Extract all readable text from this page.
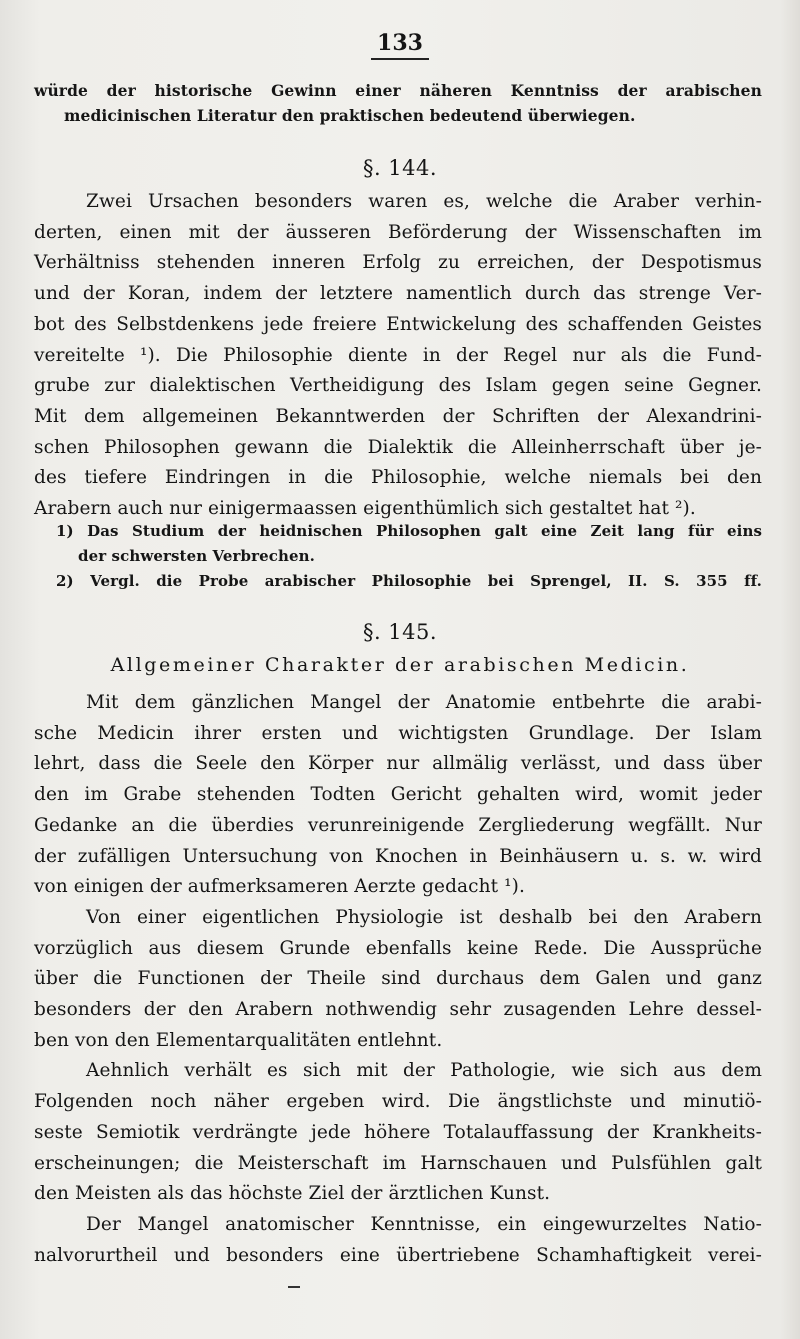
133
würde der historische Gewinn einer näheren Kenntniss der arabischen
medicinischen Literatur den praktischen bedeutend überwiegen.
§. 144.
Zwei Ursachen besonders waren es, welche die Araber verhin-
derten, einen mit der äusseren Beförderung der Wissenschaften im
Verhältniss stehenden inneren Erfolg zu erreichen, der Despotismus
und der Koran, indem der letztere namentlich durch das strenge Ver-
bot des Selbstdenkens jede freiere Entwickelung des schaffenden Geistes
vereitelte ¹). Die Philosophie diente in der Regel nur als die Fund-
grube zur dialektischen Vertheidigung des Islam gegen seine Gegner.
Mit dem allgemeinen Bekanntwerden der Schriften der Alexandrini-
schen Philosophen gewann die Dialektik die Alleinherrschaft über je-
des tiefere Eindringen in die Philosophie, welche niemals bei den
Arabern auch nur einigermaassen eigenthümlich sich gestaltet hat ²).
1) Das Studium der heidnischen Philosophen galt eine Zeit lang für eins
der schwersten Verbrechen.
2) Vergl. die Probe arabischer Philosophie bei Sprengel, II. S. 355 ff.
§. 145.
Allgemeiner Charakter der arabischen Medicin.
Mit dem gänzlichen Mangel der Anatomie entbehrte die arabi-
sche Medicin ihrer ersten und wichtigsten Grundlage. Der Islam
lehrt, dass die Seele den Körper nur allmälig verlässt, und dass über
den im Grabe stehenden Todten Gericht gehalten wird, womit jeder
Gedanke an die überdies verunreinigende Zergliederung wegfällt. Nur
der zufälligen Untersuchung von Knochen in Beinhäusern u. s. w. wird
von einigen der aufmerksameren Aerzte gedacht ¹).
Von einer eigentlichen Physiologie ist deshalb bei den Arabern
vorzüglich aus diesem Grunde ebenfalls keine Rede. Die Aussprüche
über die Functionen der Theile sind durchaus dem Galen und ganz
besonders der den Arabern nothwendig sehr zusagenden Lehre dessel-
ben von den Elementarqualitäten entlehnt.
Aehnlich verhält es sich mit der Pathologie, wie sich aus dem
Folgenden noch näher ergeben wird. Die ängstlichste und minutiö-
seste Semiotik verdrängte jede höhere Totalauffassung der Krankheits-
erscheinungen; die Meisterschaft im Harnschauen und Pulsfühlen galt
den Meisten als das höchste Ziel der ärztlichen Kunst.
Der Mangel anatomischer Kenntnisse, ein eingewurzeltes Natio-
nalvorurtheil und besonders eine übertriebene Schamhaftigkeit verei-
